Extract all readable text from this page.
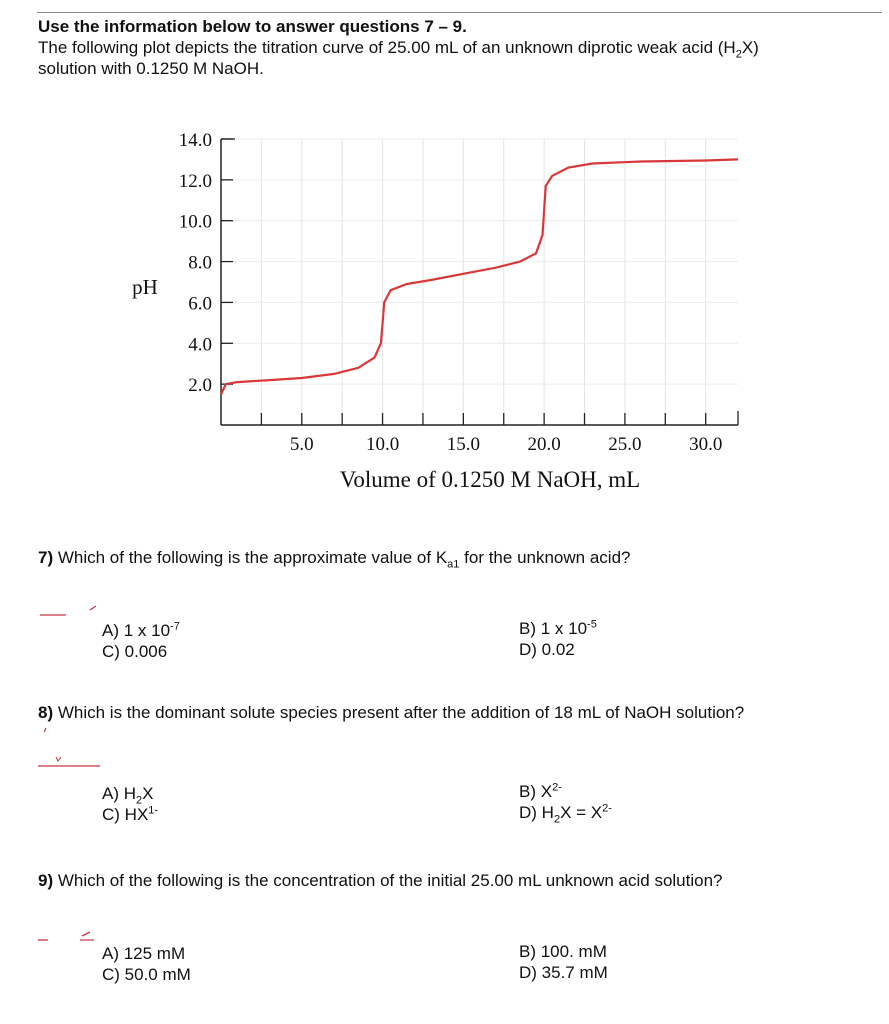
Use the information below to answer questions 7 – 9.
The following plot depicts the titration curve of 25.00 mL of an unknown diprotic weak acid $(H_2X)$
solution with 0.1250 M NaOH.
5.0	10.0	15.0	20.0	25.0	30.0
2.0
4.0
6.0
8.0
10.0
12.0
14.0
pH
Volume of 0.1250 M NaOH, mL
7) Which of the following is the approximate value of $K_{a1}$ for the unknown acid?
A) 1 x $10^{-7}$	B) 1 x $10^{-5}$
C) 0.006	D) 0.02
8) Which is the dominant solute species present after the addition of 18 mL of NaOH solution?
A) $H_2X$	B) $X^{2-}$
C) $HX^{1-}$	D) $H_2X = X^{2-}$
9) Which of the following is the concentration of the initial 25.00 mL unknown acid solution?
A) 125 mM	B) 100. mM
C) 50.0 mM	D) 35.7 mM
